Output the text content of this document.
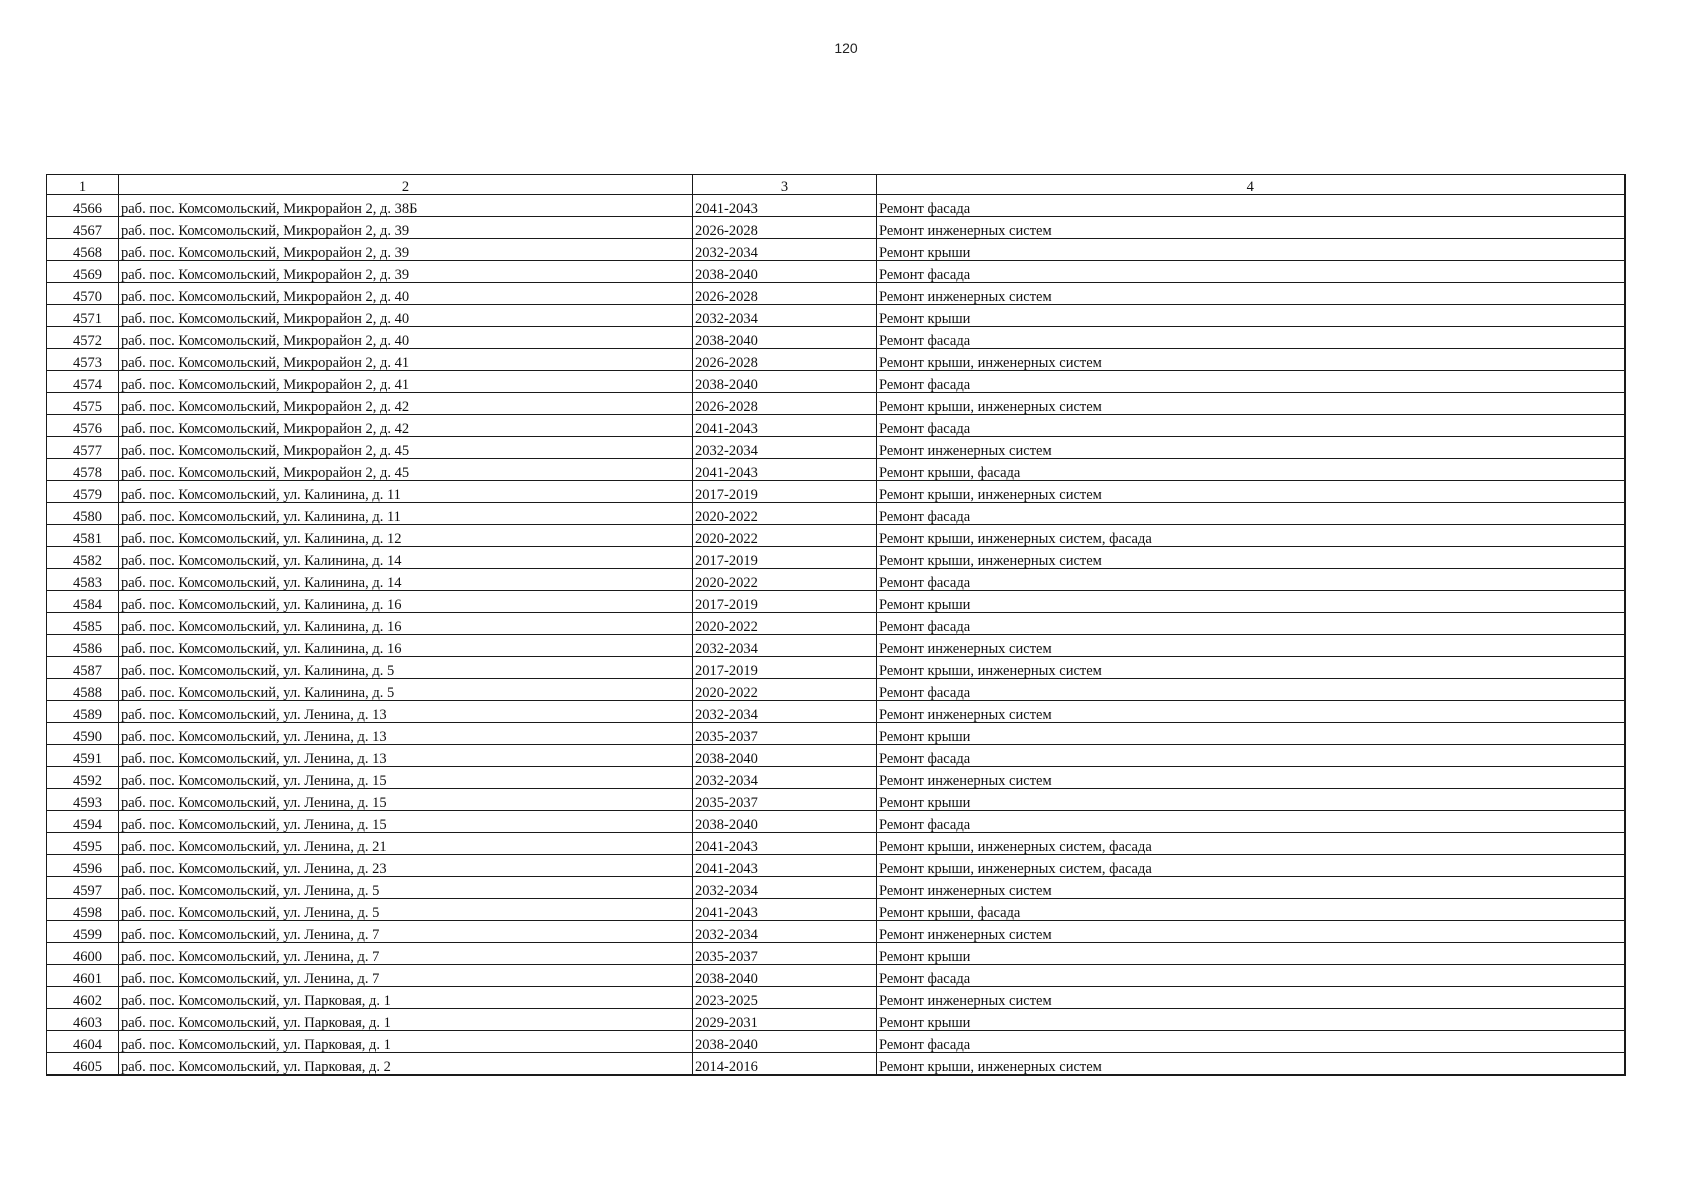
120
1	2	3	4
4566	раб. пос. Комсомольский, Микрорайон 2, д. 38Б	2041-2043	Ремонт фасада
4567	раб. пос. Комсомольский, Микрорайон 2, д. 39	2026-2028	Ремонт инженерных систем
4568	раб. пос. Комсомольский, Микрорайон 2, д. 39	2032-2034	Ремонт крыши
4569	раб. пос. Комсомольский, Микрорайон 2, д. 39	2038-2040	Ремонт фасада
4570	раб. пос. Комсомольский, Микрорайон 2, д. 40	2026-2028	Ремонт инженерных систем
4571	раб. пос. Комсомольский, Микрорайон 2, д. 40	2032-2034	Ремонт крыши
4572	раб. пос. Комсомольский, Микрорайон 2, д. 40	2038-2040	Ремонт фасада
4573	раб. пос. Комсомольский, Микрорайон 2, д. 41	2026-2028	Ремонт крыши, инженерных систем
4574	раб. пос. Комсомольский, Микрорайон 2, д. 41	2038-2040	Ремонт фасада
4575	раб. пос. Комсомольский, Микрорайон 2, д. 42	2026-2028	Ремонт крыши, инженерных систем
4576	раб. пос. Комсомольский, Микрорайон 2, д. 42	2041-2043	Ремонт фасада
4577	раб. пос. Комсомольский, Микрорайон 2, д. 45	2032-2034	Ремонт инженерных систем
4578	раб. пос. Комсомольский, Микрорайон 2, д. 45	2041-2043	Ремонт крыши, фасада
4579	раб. пос. Комсомольский, ул. Калинина, д. 11	2017-2019	Ремонт крыши, инженерных систем
4580	раб. пос. Комсомольский, ул. Калинина, д. 11	2020-2022	Ремонт фасада
4581	раб. пос. Комсомольский, ул. Калинина, д. 12	2020-2022	Ремонт крыши, инженерных систем, фасада
4582	раб. пос. Комсомольский, ул. Калинина, д. 14	2017-2019	Ремонт крыши, инженерных систем
4583	раб. пос. Комсомольский, ул. Калинина, д. 14	2020-2022	Ремонт фасада
4584	раб. пос. Комсомольский, ул. Калинина, д. 16	2017-2019	Ремонт крыши
4585	раб. пос. Комсомольский, ул. Калинина, д. 16	2020-2022	Ремонт фасада
4586	раб. пос. Комсомольский, ул. Калинина, д. 16	2032-2034	Ремонт инженерных систем
4587	раб. пос. Комсомольский, ул. Калинина, д. 5	2017-2019	Ремонт крыши, инженерных систем
4588	раб. пос. Комсомольский, ул. Калинина, д. 5	2020-2022	Ремонт фасада
4589	раб. пос. Комсомольский, ул. Ленина, д. 13	2032-2034	Ремонт инженерных систем
4590	раб. пос. Комсомольский, ул. Ленина, д. 13	2035-2037	Ремонт крыши
4591	раб. пос. Комсомольский, ул. Ленина, д. 13	2038-2040	Ремонт фасада
4592	раб. пос. Комсомольский, ул. Ленина, д. 15	2032-2034	Ремонт инженерных систем
4593	раб. пос. Комсомольский, ул. Ленина, д. 15	2035-2037	Ремонт крыши
4594	раб. пос. Комсомольский, ул. Ленина, д. 15	2038-2040	Ремонт фасада
4595	раб. пос. Комсомольский, ул. Ленина, д. 21	2041-2043	Ремонт крыши, инженерных систем, фасада
4596	раб. пос. Комсомольский, ул. Ленина, д. 23	2041-2043	Ремонт крыши, инженерных систем, фасада
4597	раб. пос. Комсомольский, ул. Ленина, д. 5	2032-2034	Ремонт инженерных систем
4598	раб. пос. Комсомольский, ул. Ленина, д. 5	2041-2043	Ремонт крыши, фасада
4599	раб. пос. Комсомольский, ул. Ленина, д. 7	2032-2034	Ремонт инженерных систем
4600	раб. пос. Комсомольский, ул. Ленина, д. 7	2035-2037	Ремонт крыши
4601	раб. пос. Комсомольский, ул. Ленина, д. 7	2038-2040	Ремонт фасада
4602	раб. пос. Комсомольский, ул. Парковая, д. 1	2023-2025	Ремонт инженерных систем
4603	раб. пос. Комсомольский, ул. Парковая, д. 1	2029-2031	Ремонт крыши
4604	раб. пос. Комсомольский, ул. Парковая, д. 1	2038-2040	Ремонт фасада
4605	раб. пос. Комсомольский, ул. Парковая, д. 2	2014-2016	Ремонт крыши, инженерных систем
